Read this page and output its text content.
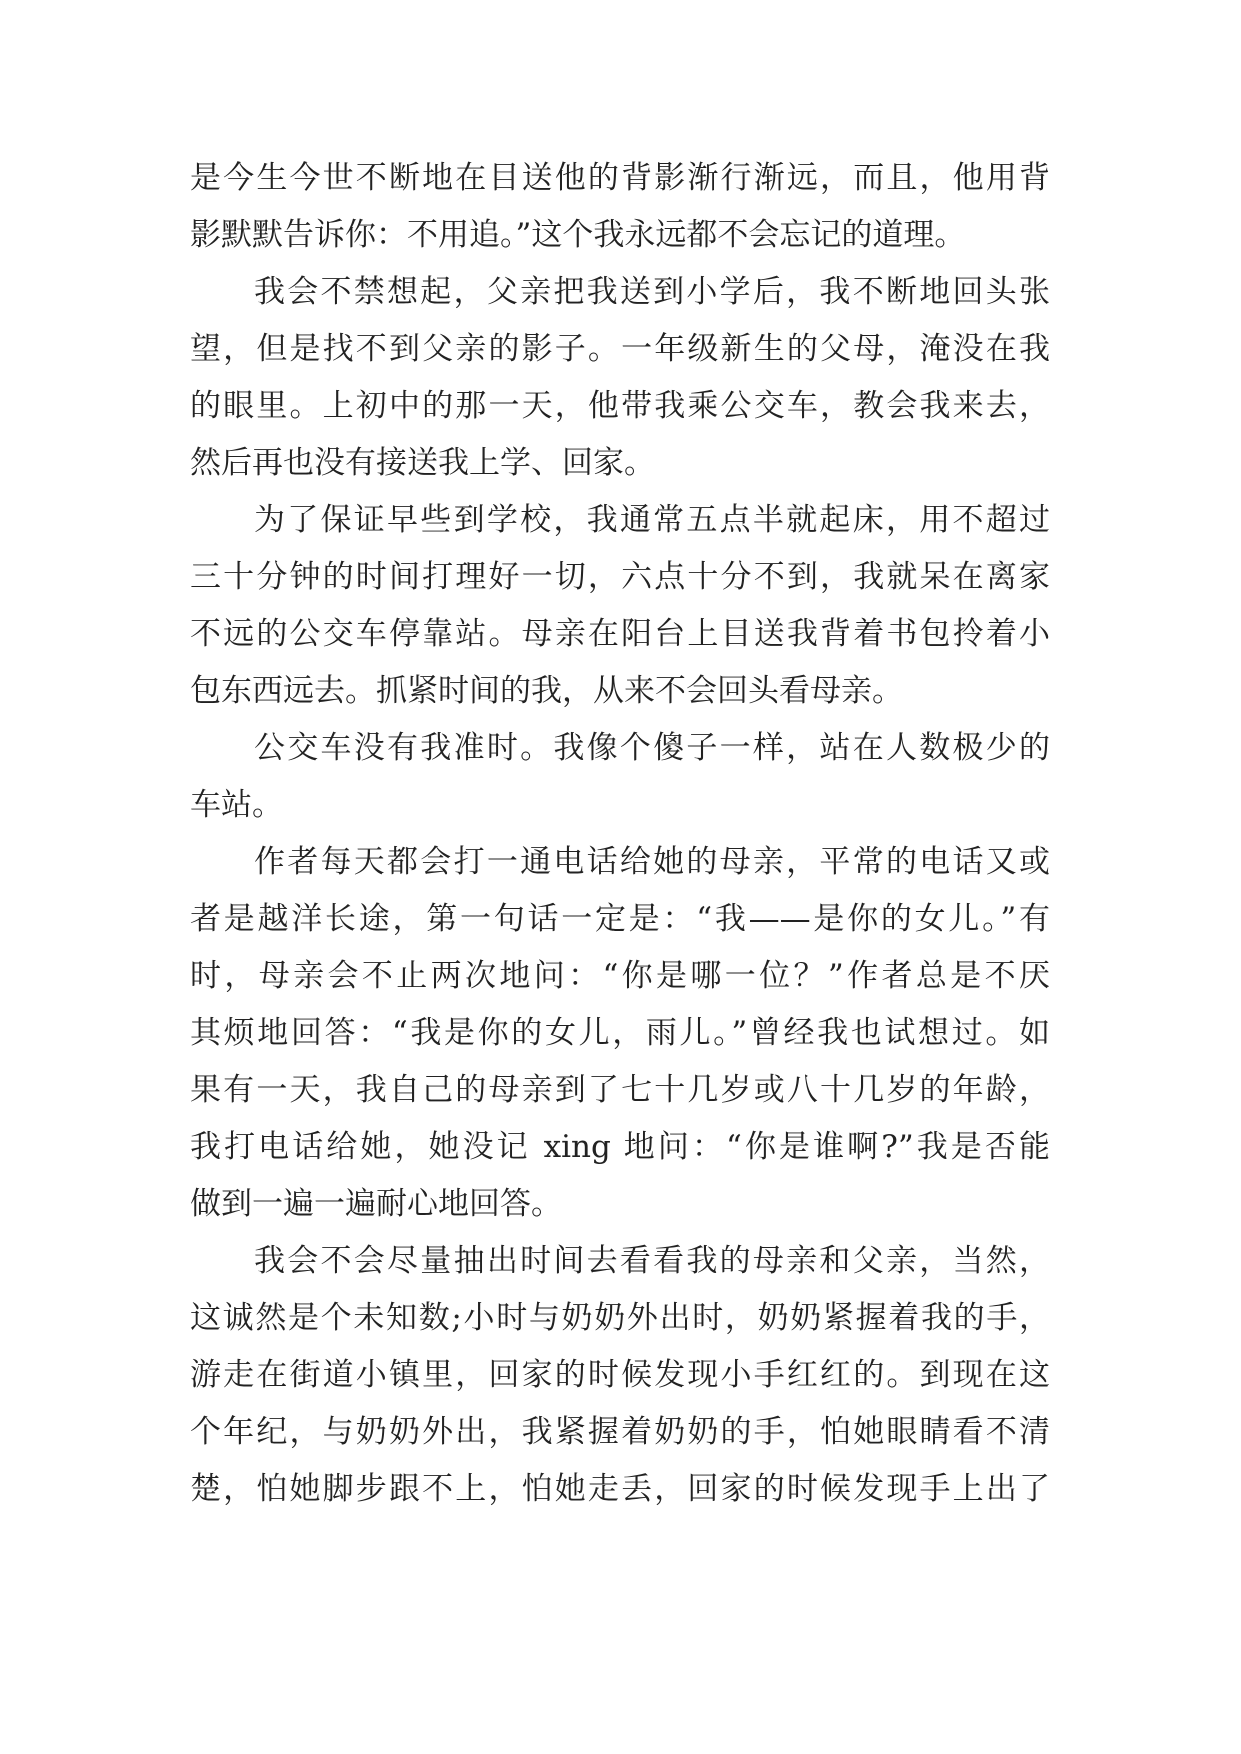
是今生今世不断地在目送他的背影渐行渐远，而且，他用背
影默默告诉你：不用追。”这个我永远都不会忘记的道理。
我会不禁想起，父亲把我送到小学后，我不断地回头张
望，但是找不到父亲的影子。一年级新生的父母，淹没在我
的眼里。上初中的那一天，他带我乘公交车，教会我来去，
然后再也没有接送我上学、回家。
为了保证早些到学校，我通常五点半就起床，用不超过
三十分钟的时间打理好一切，六点十分不到，我就呆在离家
不远的公交车停靠站。母亲在阳台上目送我背着书包拎着小
包东西远去。抓紧时间的我，从来不会回头看母亲。
公交车没有我准时。我像个傻子一样，站在人数极少的
车站。
作者每天都会打一通电话给她的母亲，平常的电话又或
者是越洋长途，第一句话一定是：“我——是你的女儿。”有
时，母亲会不止两次地问：“你是哪一位？”作者总是不厌
其烦地回答：“我是你的女儿，雨儿。”曾经我也试想过。如
果有一天，我自己的母亲到了七十几岁或八十几岁的年龄，
我打电话给她，她没记 xing 地问：“你是谁啊?”我是否能
做到一遍一遍耐心地回答。
我会不会尽量抽出时间去看看我的母亲和父亲，当然，
这诚然是个未知数;小时与奶奶外出时，奶奶紧握着我的手，
游走在街道小镇里，回家的时候发现小手红红的。到现在这
个年纪，与奶奶外出，我紧握着奶奶的手，怕她眼睛看不清
楚，怕她脚步跟不上，怕她走丢，回家的时候发现手上出了
